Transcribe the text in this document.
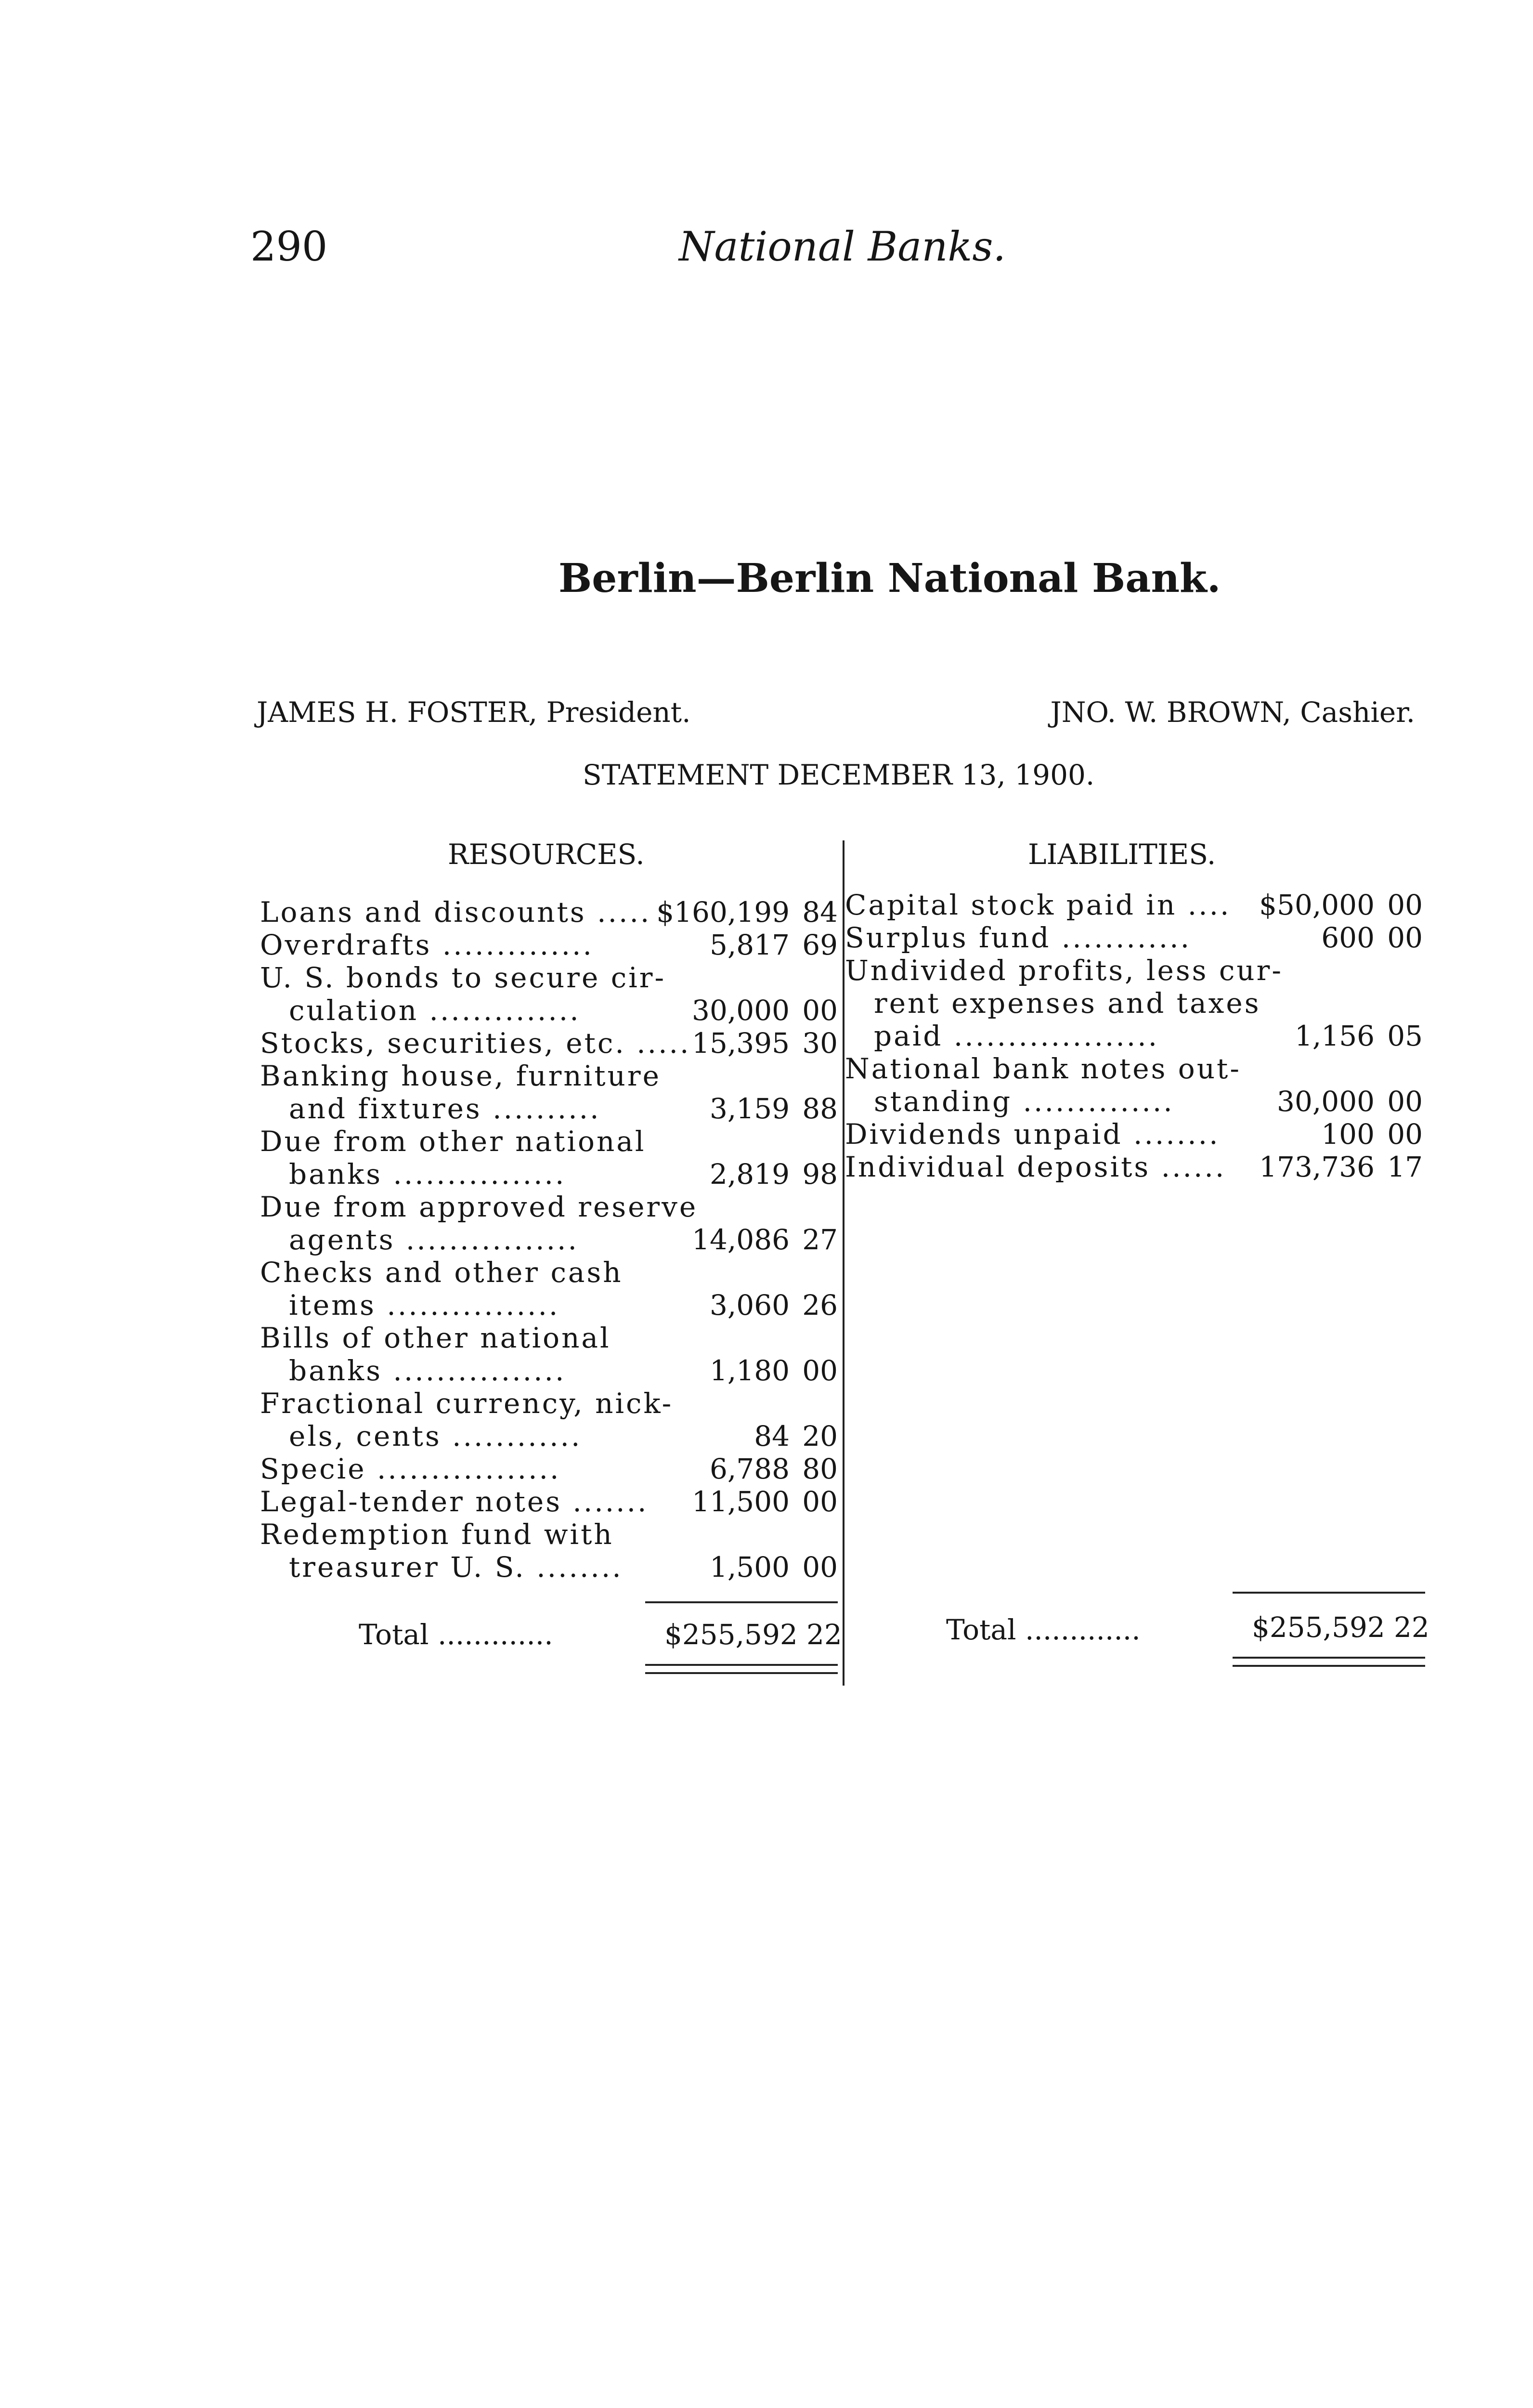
290	National Banks.
Berlin—Berlin National Bank.
JAMES H. FOSTER, President.	JNO. W. BROWN, Cashier.
STATEMENT DECEMBER 13, 1900.
RESOURCES.	LIABILITIES.
Loans and discounts ..... $160,199 84
Overdrafts ..............	5,817 69
U. S. bonds to secure cir-
culation ..............	30,000 00
Stocks, securities, etc. ..... 15,395 30
Banking house, furniture
and fixtures ..........	3,159 88
Due from other national
banks ................	2,819 98
Due from approved reserve
agents ................	14,086 27
Checks and other cash
items ................	3,060 26
Bills of other national
banks ................	1,180 00
Fractional currency, nick-
els, cents ............	84 20
Specie .................	6,788 80
Legal-tender notes ....... 11,500 00
Redemption fund with
treasurer U. S. ........	1,500 00
Capital stock paid in .... $50,000 00
Surplus fund ............	600 00
Undivided profits, less cur-
rent expenses and taxes
paid ...................	1,156 05
National bank notes out-
standing ..............	30,000 00
Dividends unpaid ........	100 00
Individual deposits ...... 173,736 17
Total .............	$255,592 22	Total .............	$255,592 22
